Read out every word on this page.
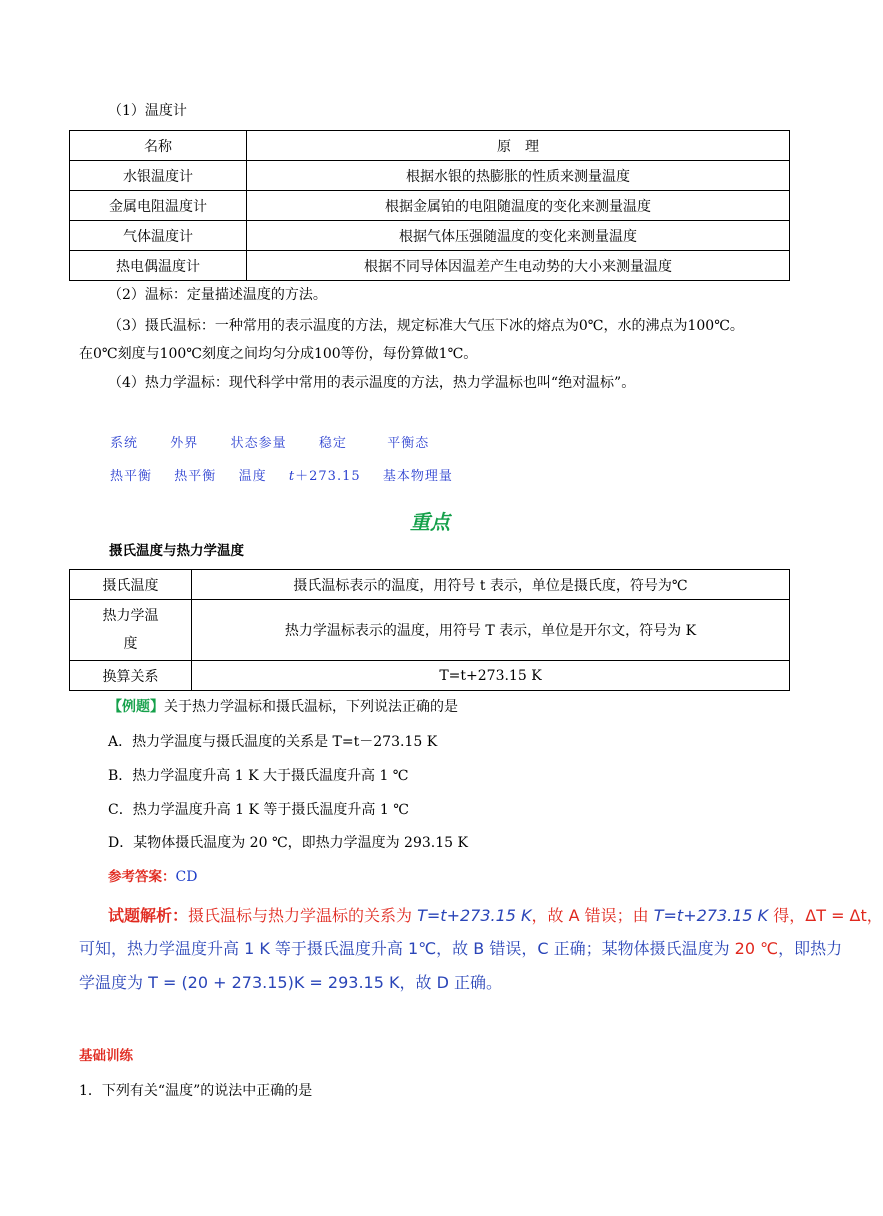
（1）温度计
名称	原　理
水银温度计	根据水银的热膨胀的性质来测量温度
金属电阻温度计	根据金属铂的电阻随温度的变化来测量温度
气体温度计	根据气体压强随温度的变化来测量温度
热电偶温度计	根据不同导体因温差产生电动势的大小来测量温度
（2）温标：定量描述温度的方法。
（3）摄氏温标：一种常用的表示温度的方法，规定标准大气压下冰的熔点为0℃，水的沸点为100℃。
在0℃刻度与100℃刻度之间均匀分成100等份，每份算做1℃。
（4）热力学温标：现代科学中常用的表示温度的方法，热力学温标也叫“绝对温标”。
系统 外界 状态参量 稳定	平衡态
热平衡 热平衡 温度 t＋273.15 基本物理量
重点
摄氏温度与热力学温度
摄氏温度	摄氏温标表示的温度，用符号 t 表示，单位是摄氏度，符号为℃
热力学温
度	热力学温标表示的温度，用符号 T 表示，单位是开尔文，符号为 K
换算关系	T=t+273.15 K
【例题】关于热力学温标和摄氏温标，下列说法正确的是
A．热力学温度与摄氏温度的关系是 T=t－273.15 K
B．热力学温度升高 1 K 大于摄氏温度升高 1 ℃
C．热力学温度升高 1 K 等于摄氏温度升高 1 ℃
D．某物体摄氏温度为 20 ℃，即热力学温度为 293.15 K
参考答案：CD
试题解析：摄氏温标与热力学温标的关系为 T=t+273.15 K，故 A 错误；由 T=t+273.15 K 得，ΔT = Δt，
可知，热力学温度升高 1 K 等于摄氏温度升高 1℃，故 B 错误，C 正确；某物体摄氏温度为 20 ℃，即热力
学温度为 T = (20 + 273.15)K = 293.15 K，故 D 正确。
基础训练
1．下列有关“温度”的说法中正确的是
